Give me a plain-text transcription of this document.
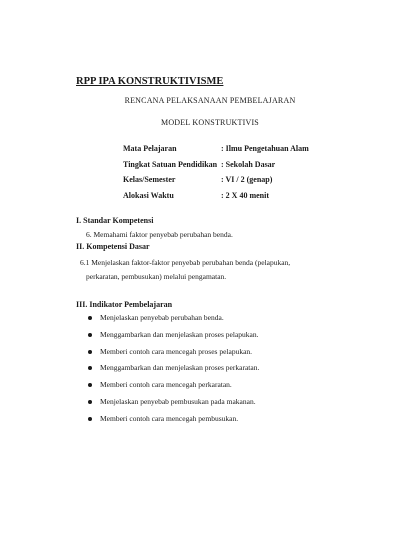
RPP IPA KONSTRUKTIVISME
RENCANA PELAKSANAAN PEMBELAJARAN
MODEL KONSTRUKTIVIS
Mata Pelajaran	: Ilmu Pengetahuan Alam
Tingkat Satuan Pendidikan : Sekolah Dasar
Kelas/Semester	: VI / 2 (genap)
Alokasi Waktu	: 2 X 40 menit
I. Standar Kompetensi
6. Memahami faktor penyebab perubahan benda.
II. Kompetensi Dasar
6.1 Menjelaskan faktor-faktor penyebab perubahan benda (pelapukan,
perkaratan, pembusukan) melalui pengamatan.
III. Indikator Pembelajaran
Menjelaskan penyebab perubahan benda.
Menggambarkan dan menjelaskan proses pelapukan.
Memberi contoh cara mencegah proses pelapukan.
Menggambarkan dan menjelaskan proses perkaratan.
Memberi contoh cara mencegah perkaratan.
Menjelaskan penyebab pembusukan pada makanan.
Memberi contoh cara mencegah pembusukan.
